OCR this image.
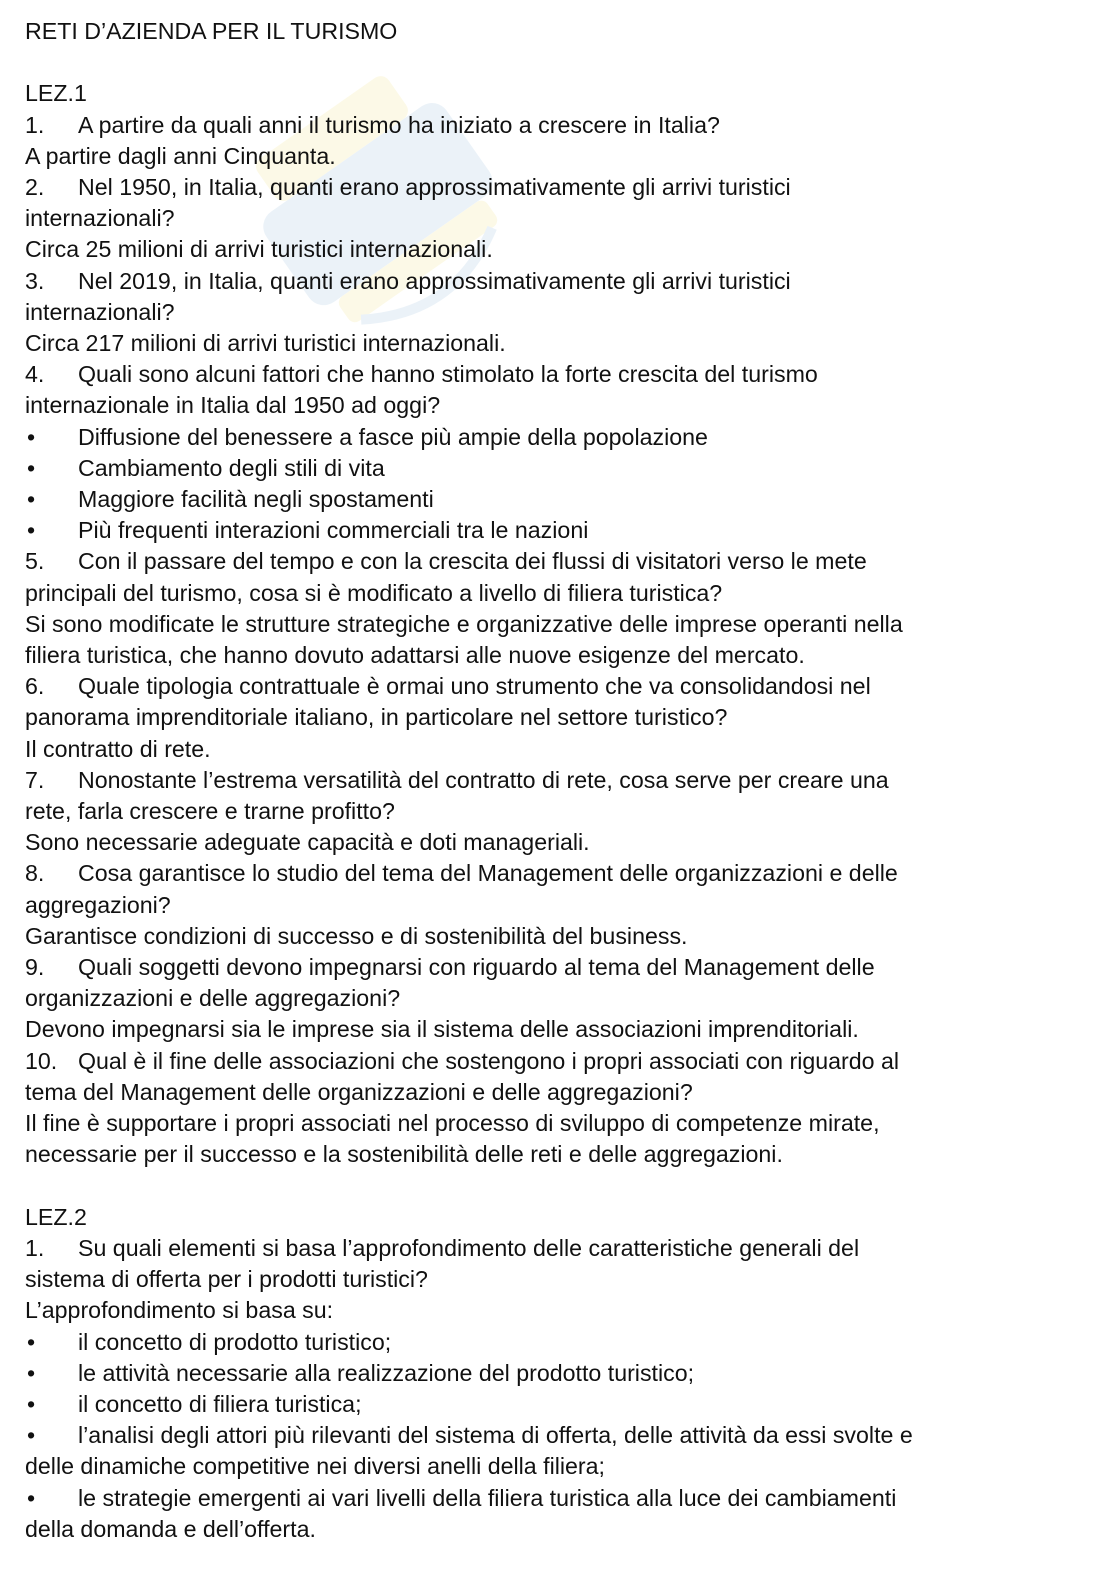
RETI D’AZIENDA PER IL TURISMO
LEZ.1
1. A partire da quali anni il turismo ha iniziato a crescere in Italia?
A partire dagli anni Cinquanta.
2. Nel 1950, in Italia, quanti erano approssimativamente gli arrivi turistici
internazionali?
Circa 25 milioni di arrivi turistici internazionali.
3. Nel 2019, in Italia, quanti erano approssimativamente gli arrivi turistici
internazionali?
Circa 217 milioni di arrivi turistici internazionali.
4. Quali sono alcuni fattori che hanno stimolato la forte crescita del turismo
internazionale in Italia dal 1950 ad oggi?
• Diffusione del benessere a fasce più ampie della popolazione
• Cambiamento degli stili di vita
• Maggiore facilità negli spostamenti
• Più frequenti interazioni commerciali tra le nazioni
5. Con il passare del tempo e con la crescita dei flussi di visitatori verso le mete
principali del turismo, cosa si è modificato a livello di filiera turistica?
Si sono modificate le strutture strategiche e organizzative delle imprese operanti nella
filiera turistica, che hanno dovuto adattarsi alle nuove esigenze del mercato.
6. Quale tipologia contrattuale è ormai uno strumento che va consolidandosi nel
panorama imprenditoriale italiano, in particolare nel settore turistico?
Il contratto di rete.
7. Nonostante l’estrema versatilità del contratto di rete, cosa serve per creare una
rete, farla crescere e trarne profitto?
Sono necessarie adeguate capacità e doti manageriali.
8. Cosa garantisce lo studio del tema del Management delle organizzazioni e delle
aggregazioni?
Garantisce condizioni di successo e di sostenibilità del business.
9. Quali soggetti devono impegnarsi con riguardo al tema del Management delle
organizzazioni e delle aggregazioni?
Devono impegnarsi sia le imprese sia il sistema delle associazioni imprenditoriali.
10. Qual è il fine delle associazioni che sostengono i propri associati con riguardo al
tema del Management delle organizzazioni e delle aggregazioni?
Il fine è supportare i propri associati nel processo di sviluppo di competenze mirate,
necessarie per il successo e la sostenibilità delle reti e delle aggregazioni.
LEZ.2
1. Su quali elementi si basa l’approfondimento delle caratteristiche generali del
sistema di offerta per i prodotti turistici?
L’approfondimento si basa su:
• il concetto di prodotto turistico;
• le attività necessarie alla realizzazione del prodotto turistico;
• il concetto di filiera turistica;
• l’analisi degli attori più rilevanti del sistema di offerta, delle attività da essi svolte e
delle dinamiche competitive nei diversi anelli della filiera;
• le strategie emergenti ai vari livelli della filiera turistica alla luce dei cambiamenti
della domanda e dell’offerta.
